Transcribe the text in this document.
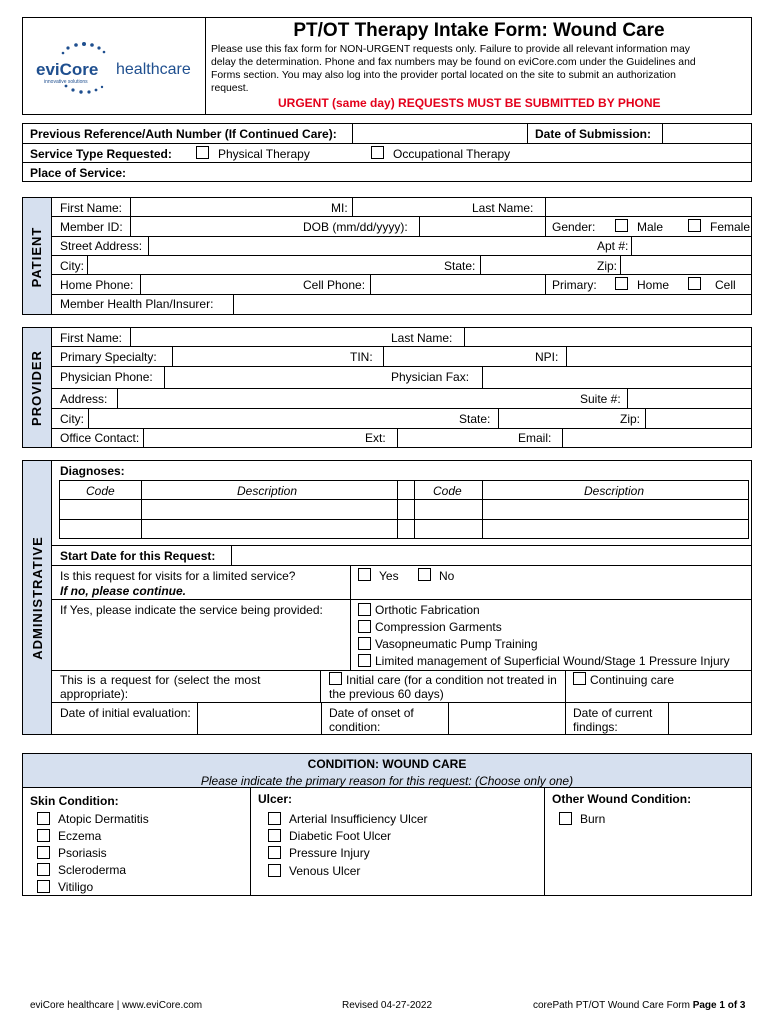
eviCore healthcare
innovative solutions
PT/OT Therapy Intake Form: Wound Care
Please use this fax form for NON-URGENT requests only. Failure to provide all relevant information may
delay the determination. Phone and fax numbers may be found on eviCore.com under the Guidelines and
Forms section. You may also log into the provider portal located on the site to submit an authorization
request.
URGENT (same day) REQUESTS MUST BE SUBMITTED BY PHONE
Previous Reference/Auth Number (If Continued Care):	Date of Submission:
Service Type Requested:	Physical Therapy	Occupational Therapy
Place of Service:
PATIENT
First Name:	MI:	Last Name:
Member ID:	DOB (mm/dd/yyyy):	Gender:	Male	Female
Street Address:	Apt #:
City:	State:	Zip:
Home Phone:	Cell Phone:	Primary:	Home	Cell
Member Health Plan/Insurer:
PROVIDER
First Name:	Last Name:
Primary Specialty:	TIN:	NPI:
Physician Phone:	Physician Fax:
Address:	Suite #:
City:	State:	Zip:
Office Contact:	Ext:	Email:
ADMINISTRATIVE
Diagnoses:
Code	Description	Code	Description
Start Date for this Request:
Is this request for visits for a limited service?
If no, please continue.
Yes	No
If Yes, please indicate the service being provided:	Orthotic Fabrication
Compression Garments
Vasopneumatic Pump Training
Limited management of Superficial Wound/Stage 1 Pressure Injury
This is a request for (select the most
appropriate):
Initial care (for a condition not treated in
the previous 60 days)
Continuing care
Date of initial evaluation:	Date of onset of
condition:
Date of current
findings:
CONDITION: WOUND CARE
Please indicate the primary reason for this request: (Choose only one)
Skin Condition:
Atopic Dermatitis
Eczema
Psoriasis
Scleroderma
Vitiligo
Ulcer:
Arterial Insufficiency Ulcer
Diabetic Foot Ulcer
Pressure Injury
Venous Ulcer
Other Wound Condition:
Burn
eviCore healthcare | www.eviCore.com	Revised 04-27-2022	corePath PT/OT Wound Care Form Page 1 of 3
